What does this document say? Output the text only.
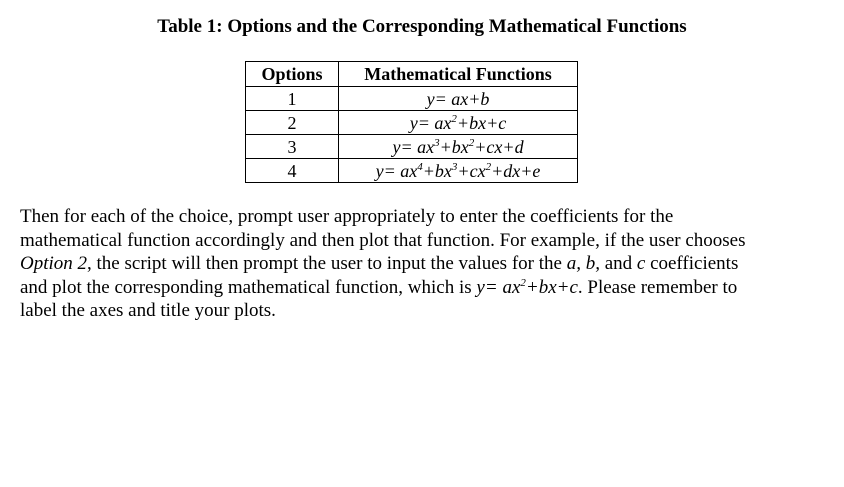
Table 1: Options and the Corresponding Mathematical Functions
Options	Mathematical Functions
1	y= ax+b
2	$y= ax^2+bx+c$
3	$y= ax^3+bx^2+cx+d$
4	$y= ax^4+bx^3+cx^2+dx+e$
Then for each of the choice, prompt user appropriately to enter the coefficients for the
mathematical function accordingly and then plot that function. For example, if the user chooses
Option 2, the script will then prompt the user to input the values for the a, b, and c coefficients
and plot the corresponding mathematical function, which is $y= ax^2+bx+c$. Please remember to
label the axes and title your plots.
